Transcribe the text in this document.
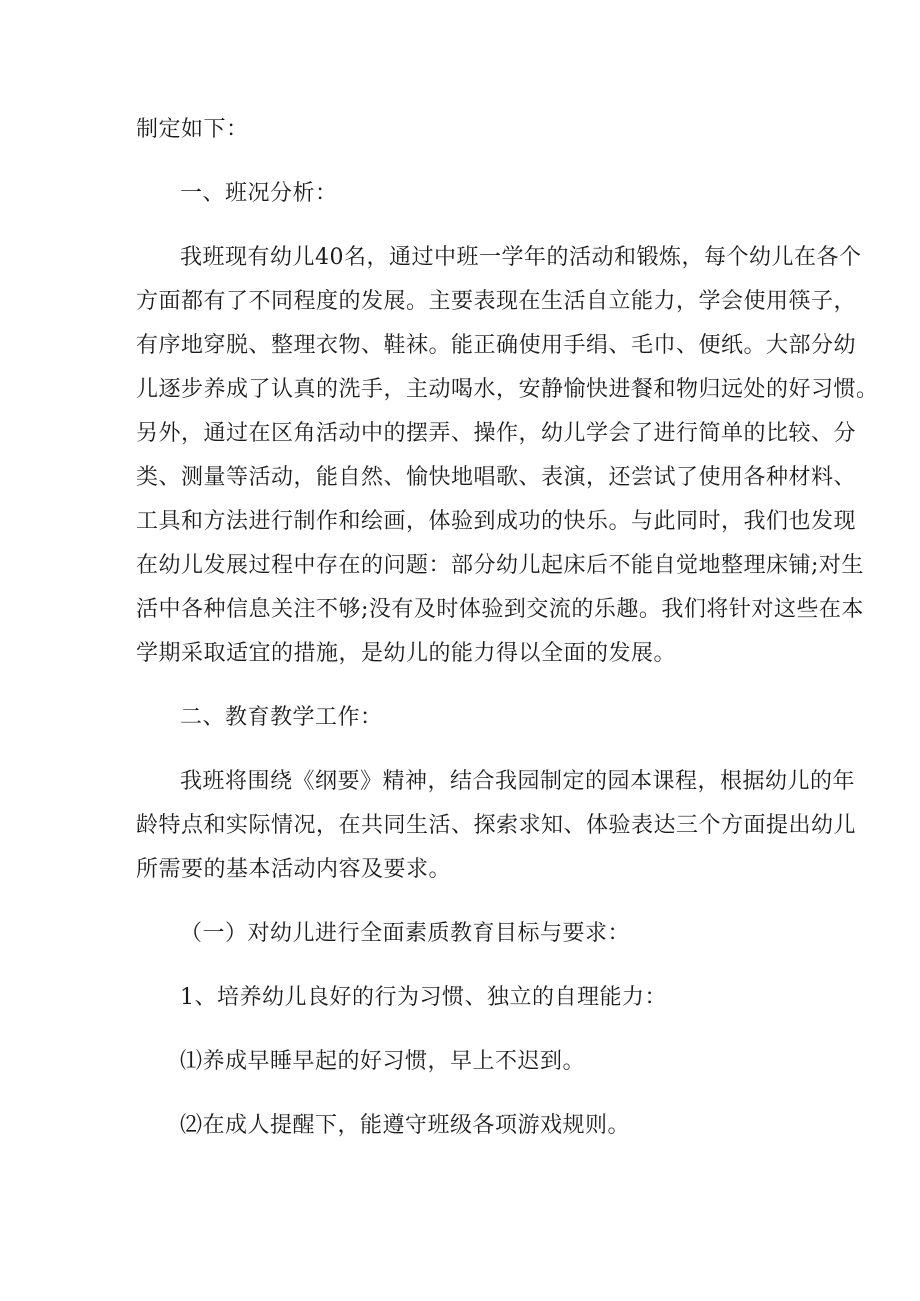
制定如下：
一、班况分析：
我班现有幼儿40名，通过中班一学年的活动和锻炼，每个幼儿在各个
方面都有了不同程度的发展。主要表现在生活自立能力，学会使用筷子，
有序地穿脱、整理衣物、鞋袜。能正确使用手绢、毛巾、便纸。大部分幼
儿逐步养成了认真的洗手，主动喝水，安静愉快进餐和物归远处的好习惯。
另外，通过在区角活动中的摆弄、操作，幼儿学会了进行简单的比较、分
类、测量等活动，能自然、愉快地唱歌、表演，还尝试了使用各种材料、
工具和方法进行制作和绘画，体验到成功的快乐。与此同时，我们也发现
在幼儿发展过程中存在的问题：部分幼儿起床后不能自觉地整理床铺;对生
活中各种信息关注不够;没有及时体验到交流的乐趣。我们将针对这些在本
学期采取适宜的措施，是幼儿的能力得以全面的发展。
二、教育教学工作：
我班将围绕《纲要》精神，结合我园制定的园本课程，根据幼儿的年
龄特点和实际情况，在共同生活、探索求知、体验表达三个方面提出幼儿
所需要的基本活动内容及要求。
（一）对幼儿进行全面素质教育目标与要求：
1、培养幼儿良好的行为习惯、独立的自理能力：
⑴养成早睡早起的好习惯，早上不迟到。
⑵在成人提醒下，能遵守班级各项游戏规则。
